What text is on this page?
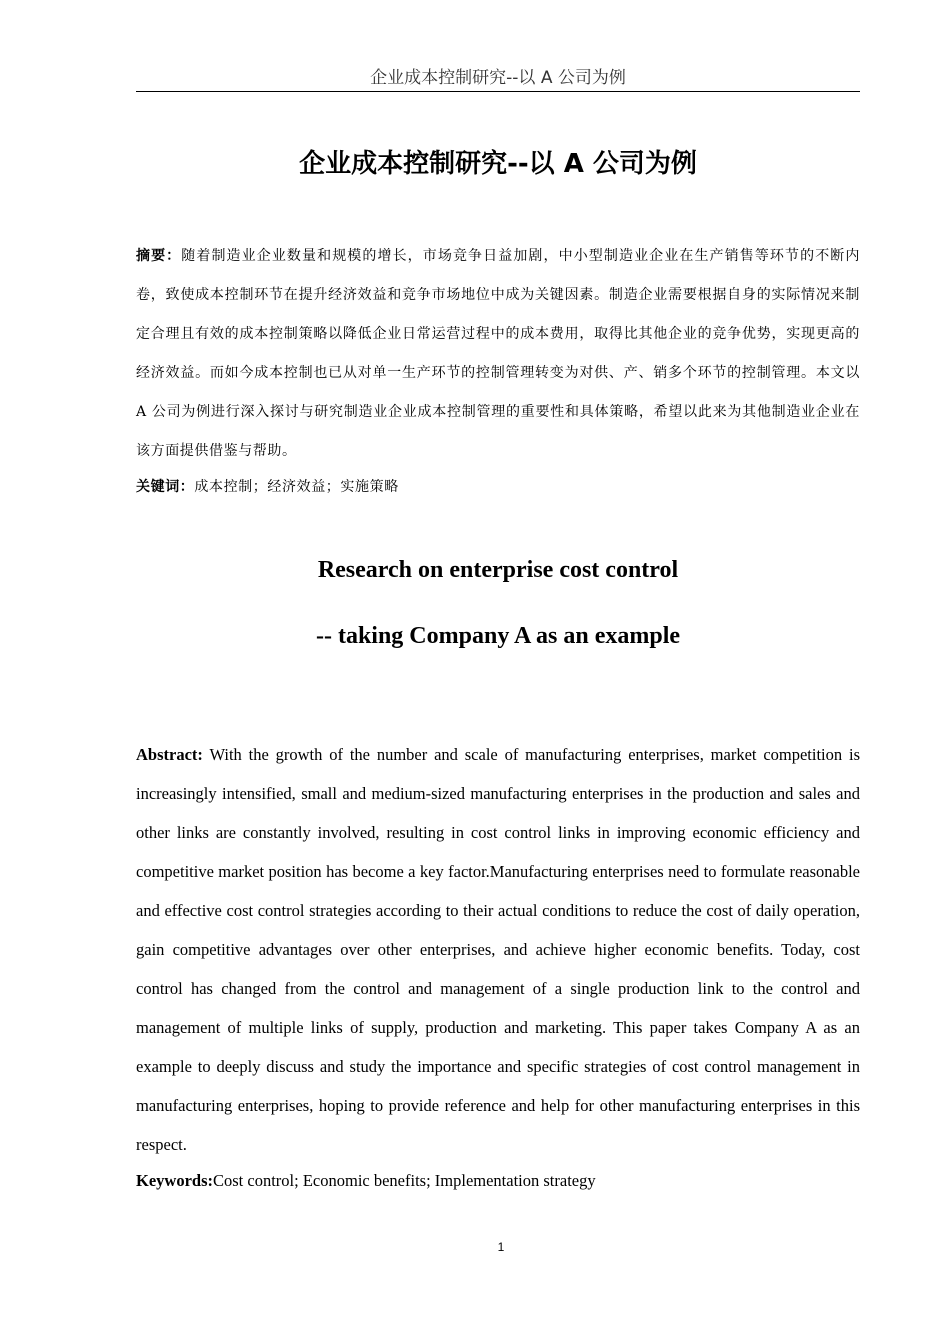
企业成本控制研究--以 A 公司为例
企业成本控制研究--以 A 公司为例
摘要：随着制造业企业数量和规模的增长，市场竞争日益加剧，中小型制造业企业在生产销售等环节的不断内卷，致使成本控制环节在提升经济效益和竞争市场地位中成为关键因素。制造企业需要根据自身的实际情况来制定合理且有效的成本控制策略以降低企业日常运营过程中的成本费用，取得比其他企业的竞争优势，实现更高的经济效益。而如今成本控制也已从对单一生产环节的控制管理转变为对供、产、销多个环节的控制管理。本文以 A 公司为例进行深入探讨与研究制造业企业成本控制管理的重要性和具体策略，希望以此来为其他制造业企业在该方面提供借鉴与帮助。
关键词：成本控制；经济效益；实施策略
Research on enterprise cost control
-- taking Company A as an example
Abstract: With the growth of the number and scale of manufacturing enterprises, market competition is increasingly intensified, small and medium-sized manufacturing enterprises in the production and sales and other links are constantly involved, resulting in cost control links in improving economic efficiency and competitive market position has become a key factor.Manufacturing enterprises need to formulate reasonable and effective cost control strategies according to their actual conditions to reduce the cost of daily operation, gain competitive advantages over other enterprises, and achieve higher economic benefits. Today, cost control has changed from the control and management of a single production link to the control and management of multiple links of supply, production and marketing. This paper takes Company A as an example to deeply discuss and study the importance and specific strategies of cost control management in manufacturing enterprises, hoping to provide reference and help for other manufacturing enterprises in this respect.
Keywords:Cost control; Economic benefits; Implementation strategy
1
